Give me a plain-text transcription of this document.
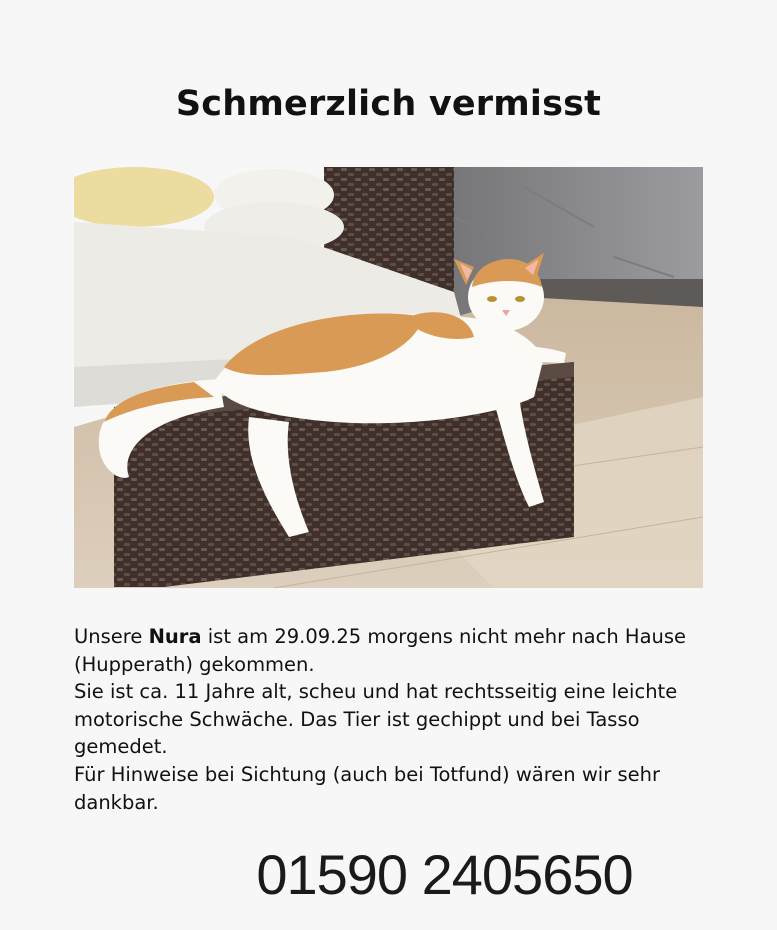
Schmerzlich vermisst

Unsere Nura ist am 29.09.25 morgens nicht mehr nach Hause (Hupperath) gekommen.

Sie ist ca. 11 Jahre alt, scheu und hat rechtsseitig eine leichte motorische Schwäche. Das Tier ist gechippt und bei Tasso gemedet.

Für Hinweise bei Sichtung (auch bei Totfund) wären wir sehr dankbar.

01590 2405650
